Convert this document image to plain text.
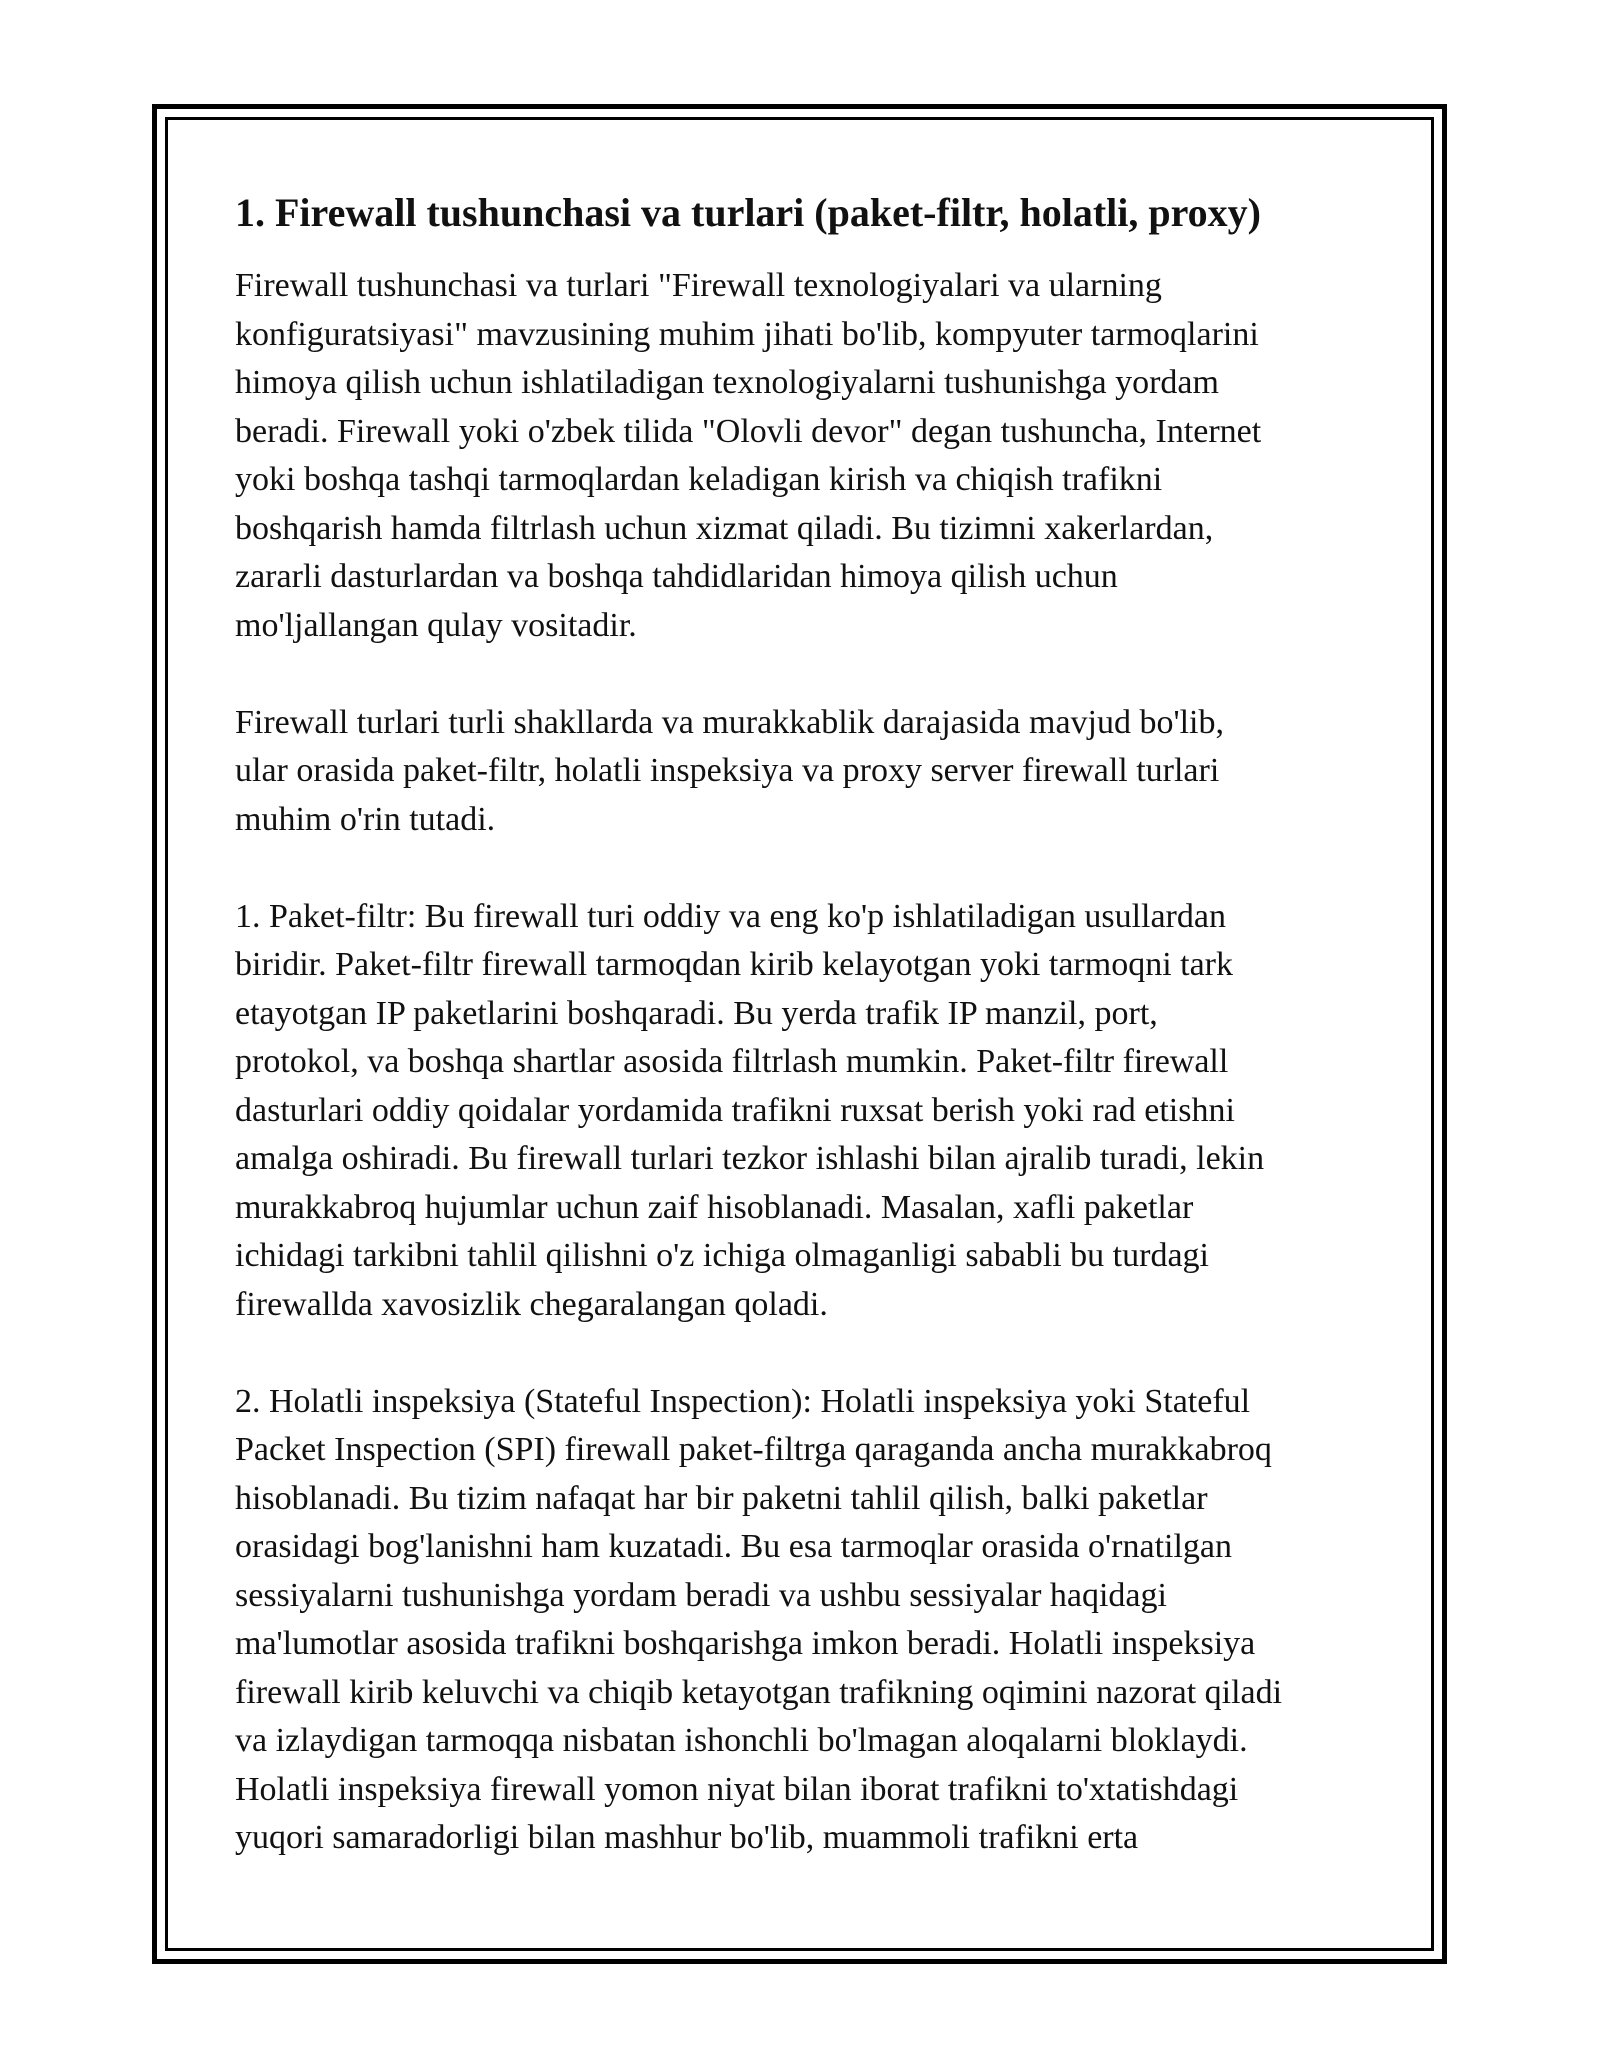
1. Firewall tushunchasi va turlari (paket-filtr, holatli, proxy)
Firewall tushunchasi va turlari "Firewall texnologiyalari va ularning
konfiguratsiyasi" mavzusining muhim jihati bo'lib, kompyuter tarmoqlarini
himoya qilish uchun ishlatiladigan texnologiyalarni tushunishga yordam
beradi. Firewall yoki o'zbek tilida "Olovli devor" degan tushuncha, Internet
yoki boshqa tashqi tarmoqlardan keladigan kirish va chiqish trafikni
boshqarish hamda filtrlash uchun xizmat qiladi. Bu tizimni xakerlardan,
zararli dasturlardan va boshqa tahdidlaridan himoya qilish uchun
mo'ljallangan qulay vositadir.
Firewall turlari turli shakllarda va murakkablik darajasida mavjud bo'lib,
ular orasida paket-filtr, holatli inspeksiya va proxy server firewall turlari
muhim o'rin tutadi.
1. Paket-filtr: Bu firewall turi oddiy va eng ko'p ishlatiladigan usullardan
biridir. Paket-filtr firewall tarmoqdan kirib kelayotgan yoki tarmoqni tark
etayotgan IP paketlarini boshqaradi. Bu yerda trafik IP manzil, port,
protokol, va boshqa shartlar asosida filtrlash mumkin. Paket-filtr firewall
dasturlari oddiy qoidalar yordamida trafikni ruxsat berish yoki rad etishni
amalga oshiradi. Bu firewall turlari tezkor ishlashi bilan ajralib turadi, lekin
murakkabroq hujumlar uchun zaif hisoblanadi. Masalan, xafli paketlar
ichidagi tarkibni tahlil qilishni o'z ichiga olmaganligi sababli bu turdagi
firewallda xavosizlik chegaralangan qoladi.
2. Holatli inspeksiya (Stateful Inspection): Holatli inspeksiya yoki Stateful
Packet Inspection (SPI) firewall paket-filtrga qaraganda ancha murakkabroq
hisoblanadi. Bu tizim nafaqat har bir paketni tahlil qilish, balki paketlar
orasidagi bog'lanishni ham kuzatadi. Bu esa tarmoqlar orasida o'rnatilgan
sessiyalarni tushunishga yordam beradi va ushbu sessiyalar haqidagi
ma'lumotlar asosida trafikni boshqarishga imkon beradi. Holatli inspeksiya
firewall kirib keluvchi va chiqib ketayotgan trafikning oqimini nazorat qiladi
va izlaydigan tarmoqqa nisbatan ishonchli bo'lmagan aloqalarni bloklaydi.
Holatli inspeksiya firewall yomon niyat bilan iborat trafikni to'xtatishdagi
yuqori samaradorligi bilan mashhur bo'lib, muammoli trafikni erta
